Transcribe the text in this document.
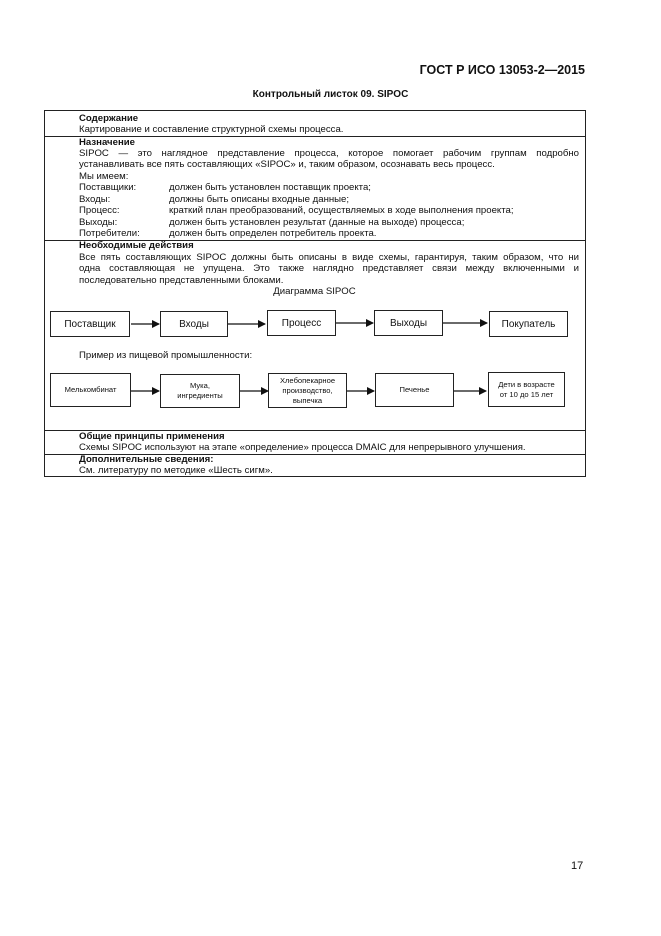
ГОСТ Р ИСО 13053-2—2015
Контрольный листок 09. SIPOC
Содержание
Картирование и составление структурной схемы процесса.
Назначение
SIPOC — это наглядное представление процесса, которое помогает рабочим группам подробно
устанавливать все пять составляющих «SIPOC» и, таким образом, осознавать весь процесс.
Мы имеем:
Поставщики:	должен быть установлен поставщик проекта;
Входы:	должны быть описаны входные данные;
Процесс:	краткий план преобразований, осуществляемых в ходе выполнения проекта;
Выходы:	должен быть установлен результат (данные на выходе) процесса;
Потребители:	должен быть определен потребитель проекта.
Необходимые действия
Все пять составляющих SIPOC должны быть описаны в виде схемы, гарантируя, таким образом, что ни
одна составляющая не упущена. Это также наглядно представляет связи между включенными и
последовательно представленными блоками.
Диаграмма SIPOC
Поставщик	Входы	Процесс	Выходы	Покупатель
Пример из пищевой промышленности:
Мелькомбинат	Мука,
ингредиенты
Хлебопекарное
производство,
выпечка
Печенье
Дети в возрасте
от 10 до 15 лет
Общие принципы применения
Схемы SIPOC используют на этапе «определение» процесса DMAIC для непрерывного улучшения.
Дополнительные сведения:
См. литературу по методике «Шесть сигм».
17
